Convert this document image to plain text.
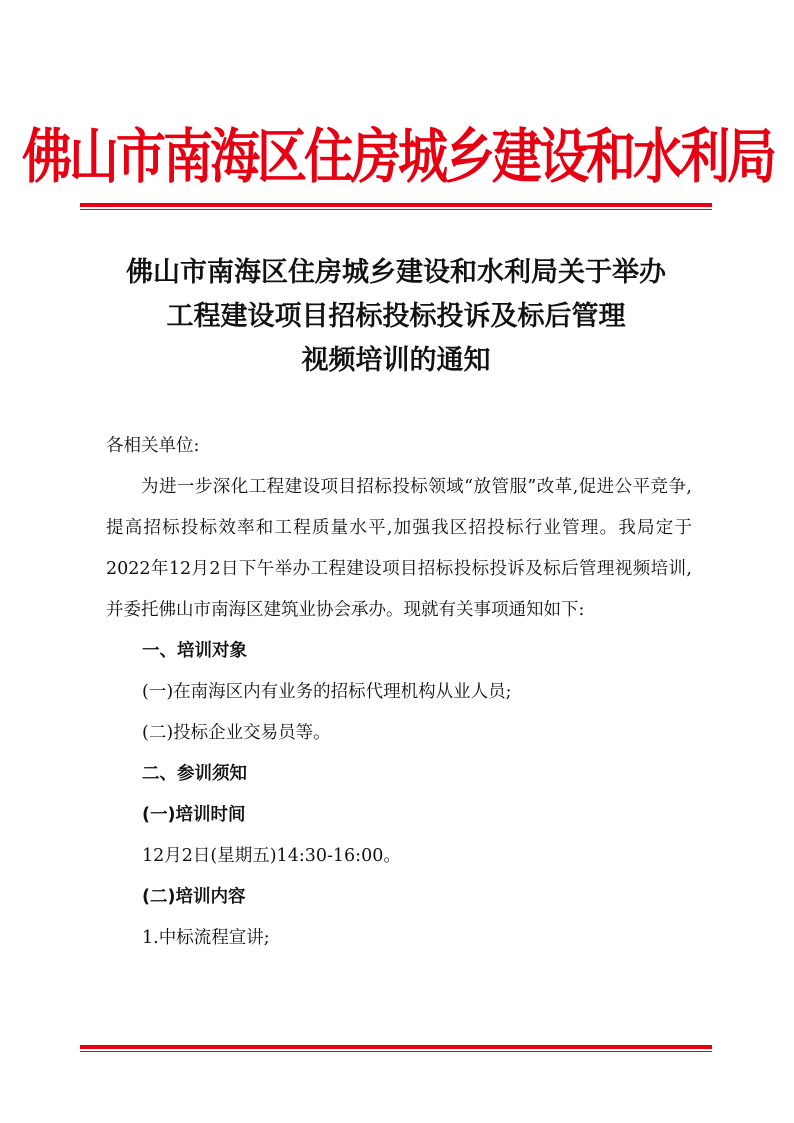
佛山市南海区住房城乡建设和水利局
佛山市南海区住房城乡建设和水利局关于举办
工程建设项目招标投标投诉及标后管理
视频培训的通知

各相关单位:

为进一步深化工程建设项目招标投标领域“放管服”改革,促进公平竞争,提高招标投标效率和工程质量水平,加强我区招投标行业管理。我局定于2022年12月2日下午举办工程建设项目招标投标投诉及标后管理视频培训,并委托佛山市南海区建筑业协会承办。现就有关事项通知如下:

一、培训对象

(一)在南海区内有业务的招标代理机构从业人员;

(二)投标企业交易员等。

二、参训须知

(一)培训时间

12月2日(星期五)14:30-16:00。

(二)培训内容

1.中标流程宣讲;
